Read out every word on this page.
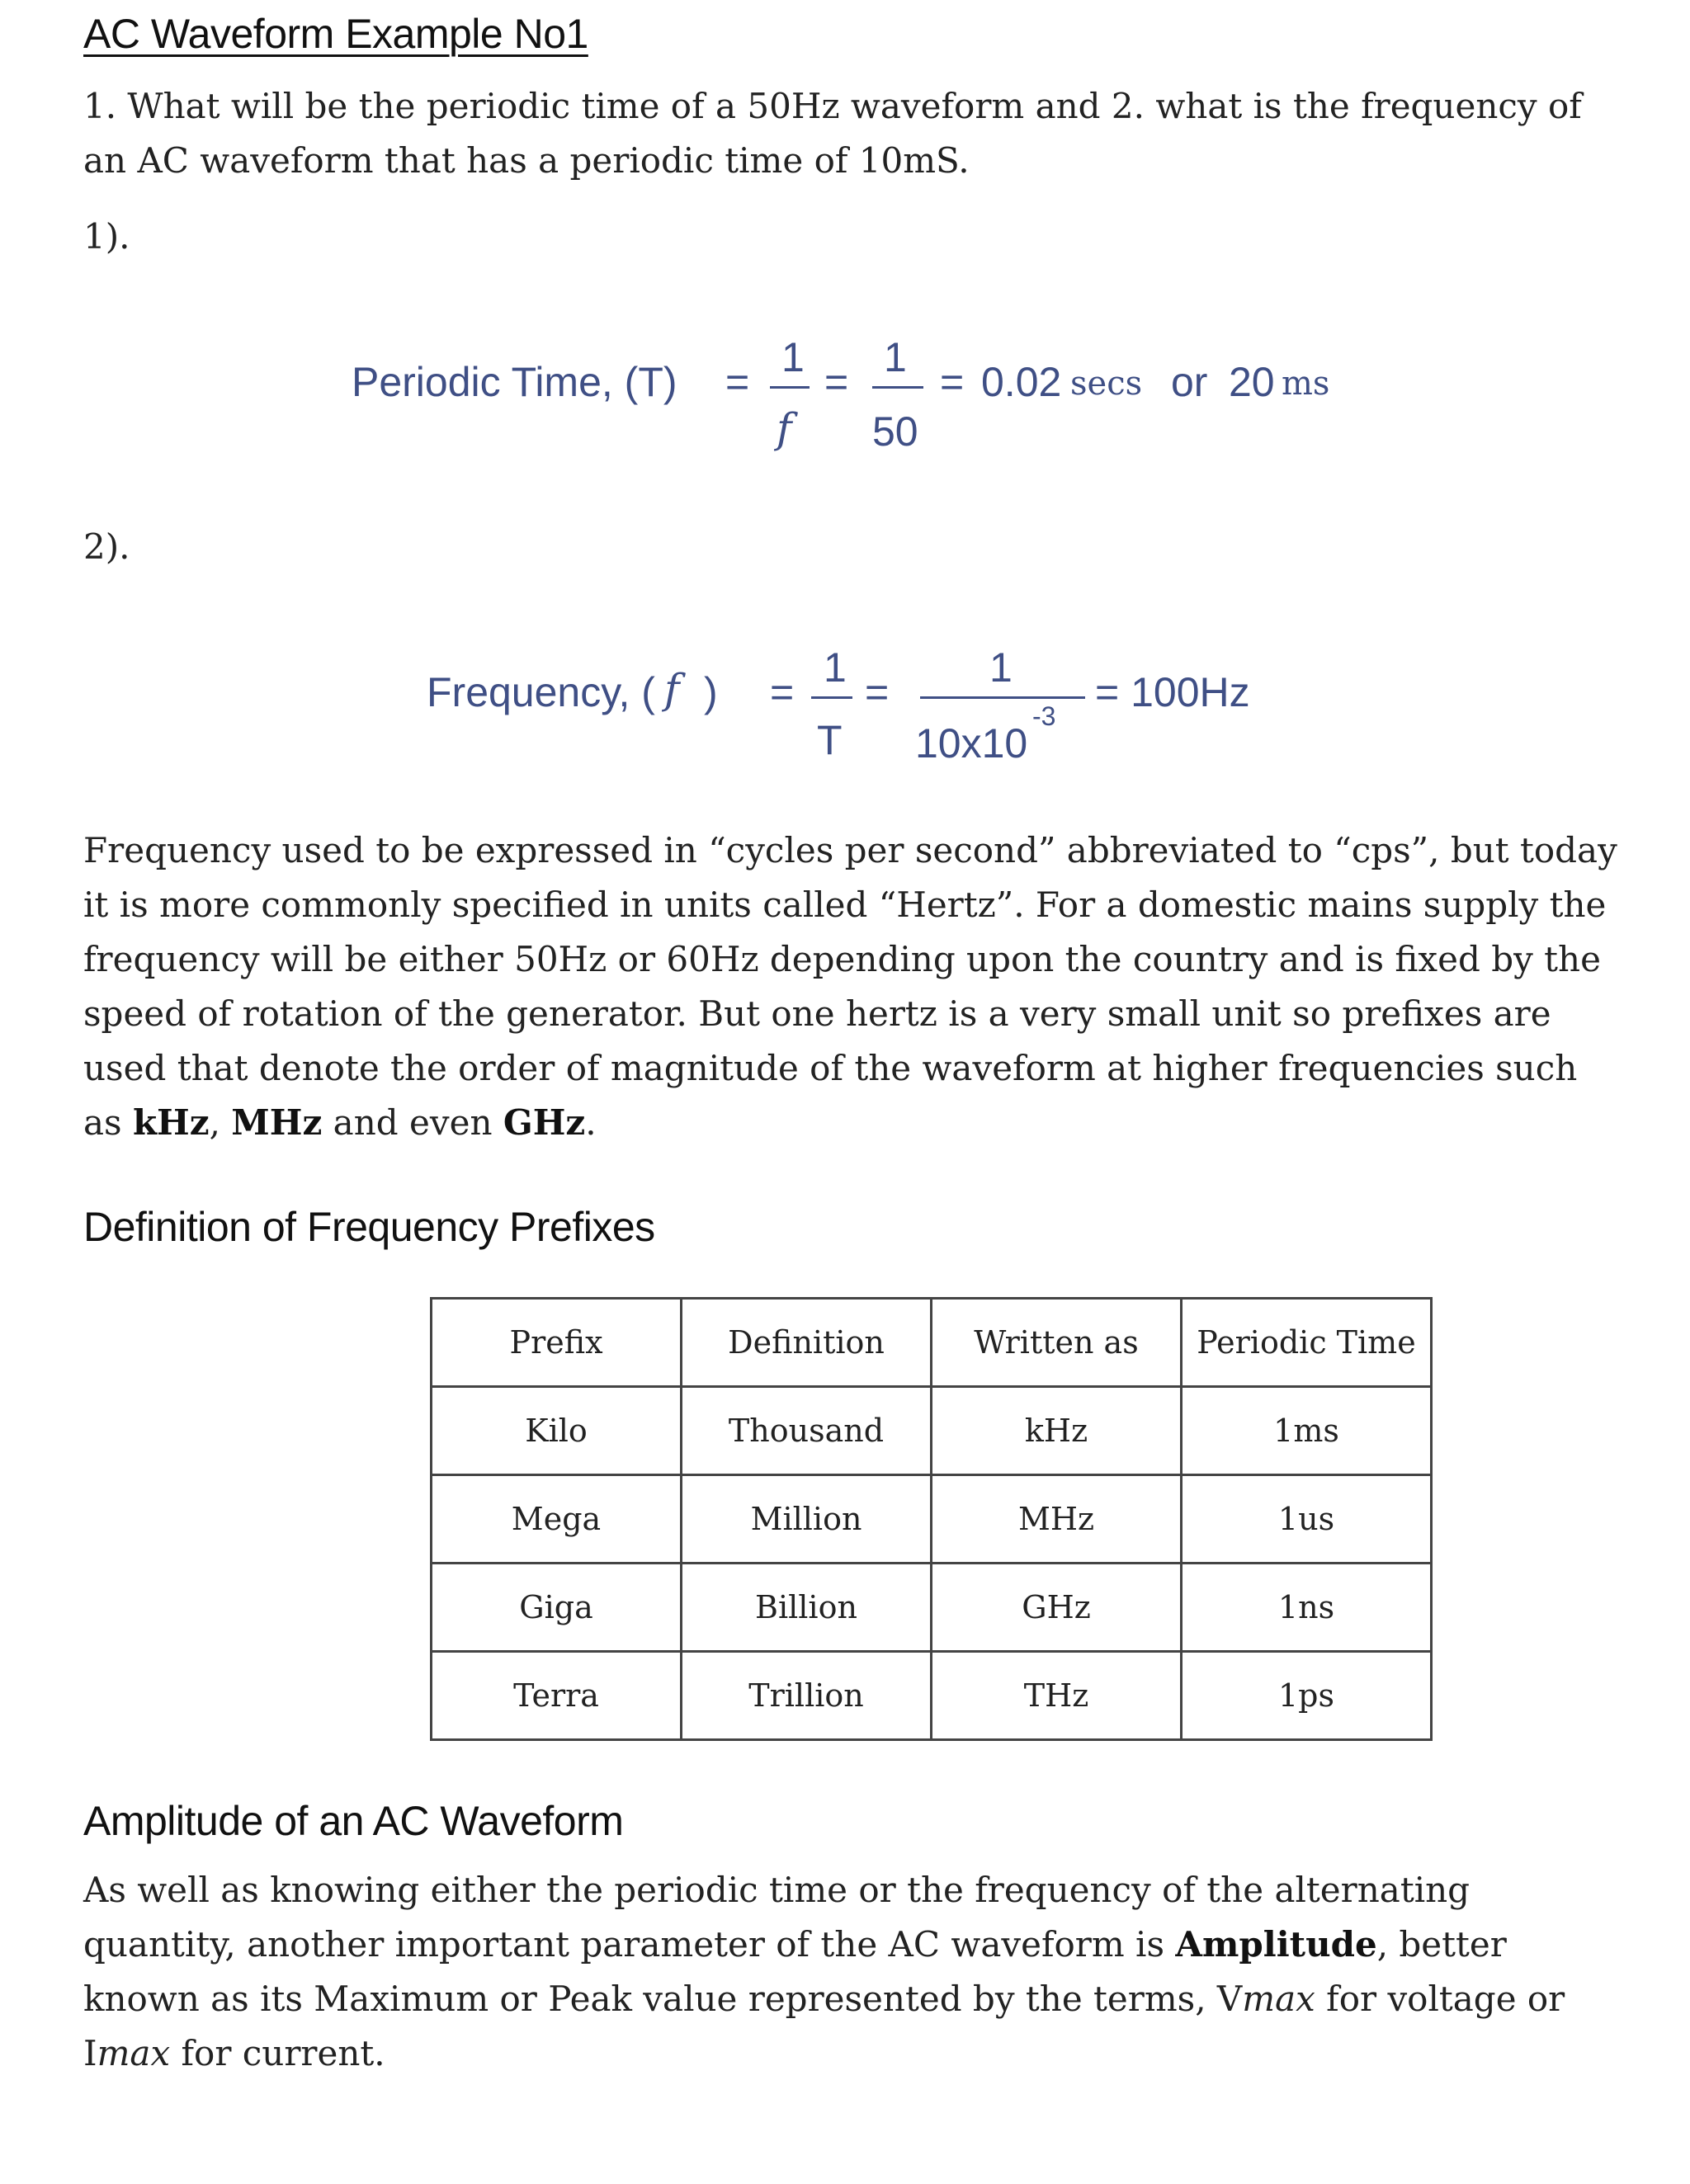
AC Waveform Example No1

1. What will be the periodic time of a 50Hz waveform and 2. what is the frequency of an AC waveform that has a periodic time of 10mS.

1).

Periodic Time, (T) =
1
f
=
1
50
= 0.02 secs or 20 ms

2).

Frequency, ( f ) =
1
T
=
1
10x10
-3
= 100Hz

Frequency used to be expressed in “cycles per second” abbreviated to “cps”, but today it is more commonly specified in units called “Hertz”. For a domestic mains supply the frequency will be either 50Hz or 60Hz depending upon the country and is fixed by the speed of rotation of the generator. But one hertz is a very small unit so prefixes are used that denote the order of magnitude of the waveform at higher frequencies such as kHz, MHz and even GHz.

Definition of Frequency Prefixes
Prefix	Definition	Written as	Periodic Time
Kilo	Thousand	kHz	1ms
Mega	Million	MHz	1us
Giga	Billion	GHz	1ns
Terra	Trillion	THz	1ps
Amplitude of an AC Waveform

As well as knowing either the periodic time or the frequency of the alternating quantity, another important parameter of the AC waveform is Amplitude, better known as its Maximum or Peak value represented by the terms, Vmax for voltage or Imax for current.
